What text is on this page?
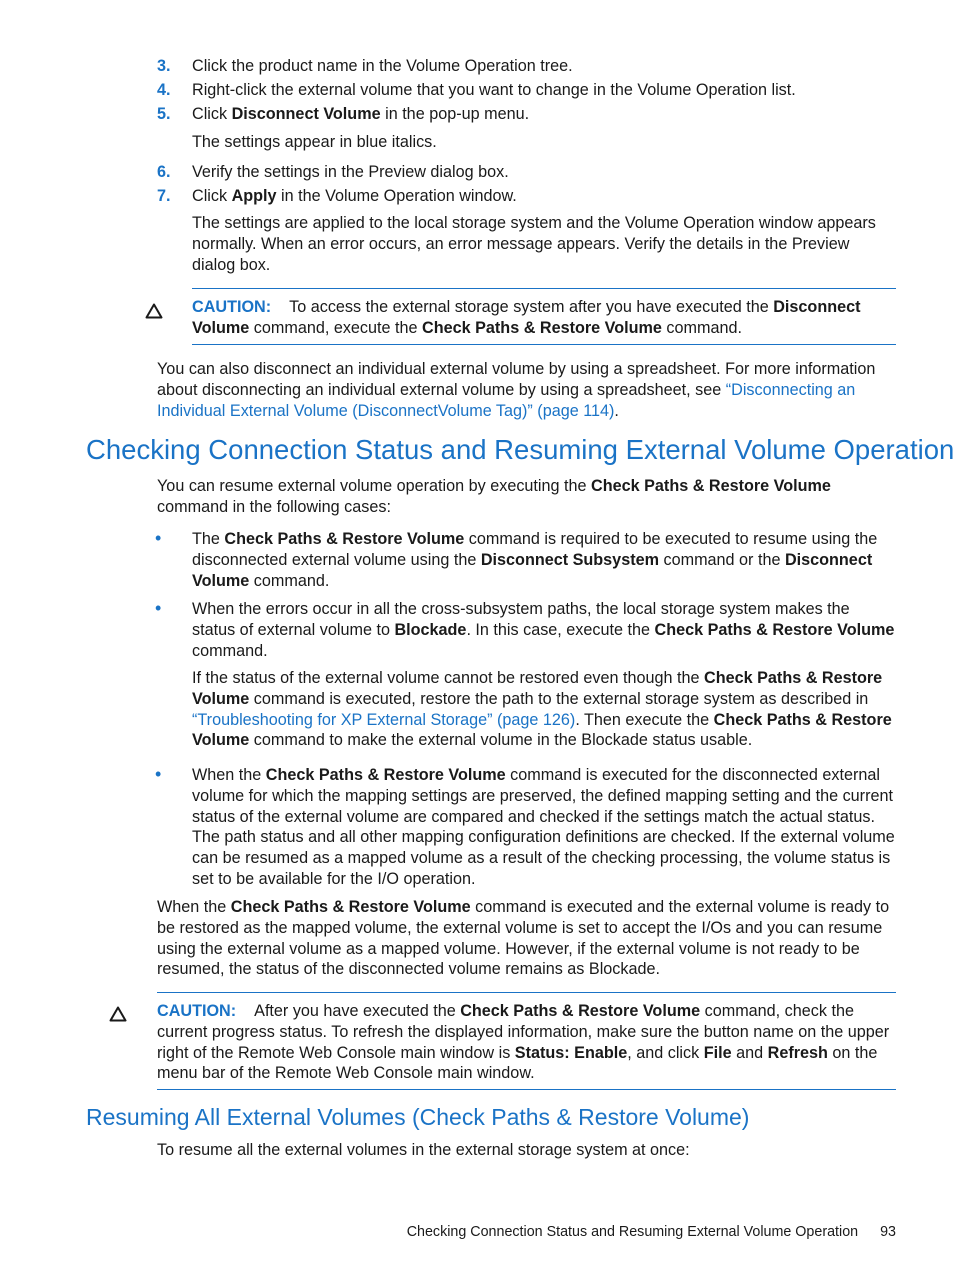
3.	Click the product name in the Volume Operation tree.
4.	Right-click the external volume that you want to change in the Volume Operation list.
5.	Click Disconnect Volume in the pop-up menu.
The settings appear in blue italics.
6.	Verify the settings in the Preview dialog box.
7.	Click Apply in the Volume Operation window.
The settings are applied to the local storage system and the Volume Operation window appears normally. When an error occurs, an error message appears. Verify the details in the Preview dialog box.
CAUTION: To access the external storage system after you have executed the Disconnect Volume command, execute the Check Paths & Restore Volume command.
You can also disconnect an individual external volume by using a spreadsheet. For more information about disconnecting an individual external volume by using a spreadsheet, see “Disconnecting an Individual External Volume (DisconnectVolume Tag)” (page 114).
Checking Connection Status and Resuming External Volume Operation
You can resume external volume operation by executing the Check Paths & Restore Volume command in the following cases:
• The Check Paths & Restore Volume command is required to be executed to resume using the disconnected external volume using the Disconnect Subsystem command or the Disconnect Volume command.
• When the errors occur in all the cross-subsystem paths, the local storage system makes the status of external volume to Blockade. In this case, execute the Check Paths & Restore Volume command.
If the status of the external volume cannot be restored even though the Check Paths & Restore Volume command is executed, restore the path to the external storage system as described in “Troubleshooting for XP External Storage” (page 126). Then execute the Check Paths & Restore Volume command to make the external volume in the Blockade status usable.
• When the Check Paths & Restore Volume command is executed for the disconnected external volume for which the mapping settings are preserved, the defined mapping setting and the current status of the external volume are compared and checked if the settings match the actual status. The path status and all other mapping configuration definitions are checked. If the external volume can be resumed as a mapped volume as a result of the checking processing, the volume status is set to be available for the I/O operation.
When the Check Paths & Restore Volume command is executed and the external volume is ready to be restored as the mapped volume, the external volume is set to accept the I/Os and you can resume using the external volume as a mapped volume. However, if the external volume is not ready to be resumed, the status of the disconnected volume remains as Blockade.
CAUTION: After you have executed the Check Paths & Restore Volume command, check the current progress status. To refresh the displayed information, make sure the button name on the upper right of the Remote Web Console main window is Status: Enable, and click File and Refresh on the menu bar of the Remote Web Console main window.
Resuming All External Volumes (Check Paths & Restore Volume)
To resume all the external volumes in the external storage system at once:
Checking Connection Status and Resuming External Volume Operation 93
